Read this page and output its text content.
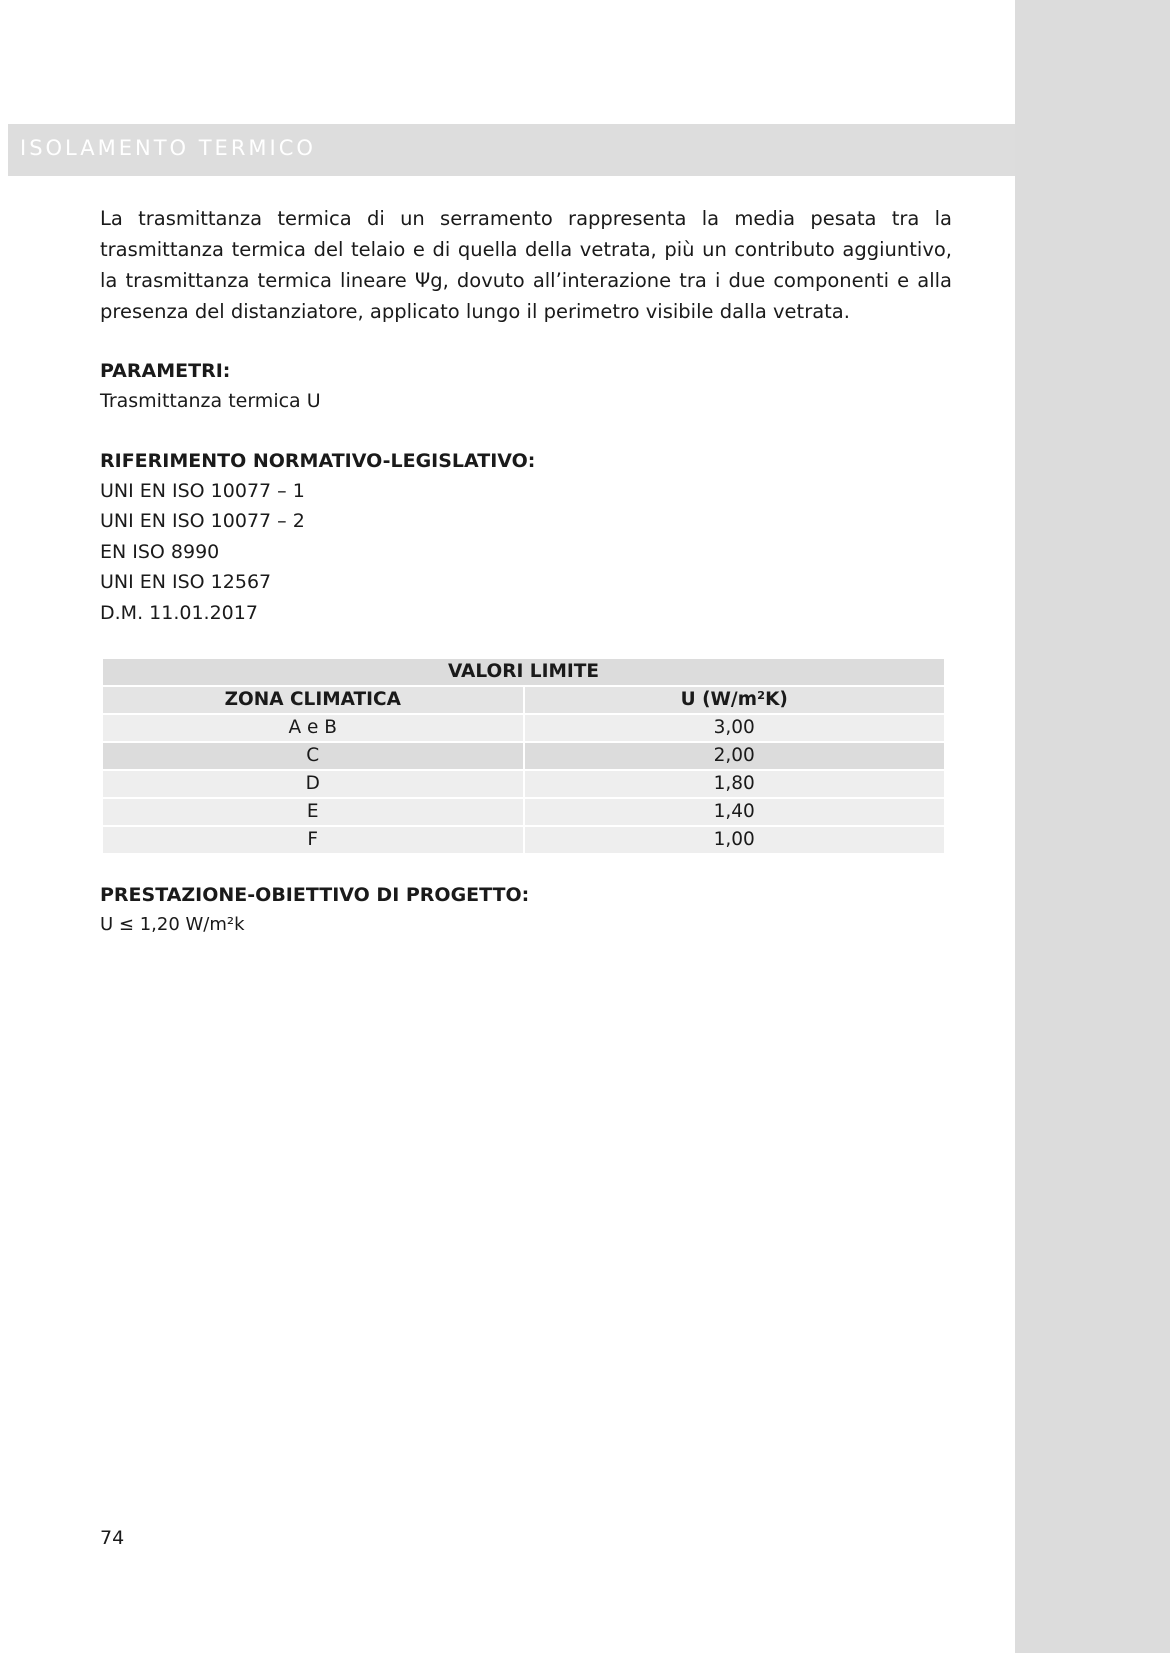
ISOLAMENTO TERMICO

La trasmittanza termica di un serramento rappresenta la media pesata tra la trasmittanza termica del telaio e di quella della vetrata, più un contributo aggiuntivo, la trasmittanza termica lineare Ψg, dovuto all’interazione tra i due componenti e alla presenza del distanziatore, applicato lungo il perimetro visibile dalla vetrata.

PARAMETRI:

Trasmittanza termica U

RIFERIMENTO NORMATIVO-LEGISLATIVO:

UNI EN ISO 10077 – 1

UNI EN ISO 10077 – 2

EN ISO 8990

UNI EN ISO 12567

D.M. 11.01.2017

VALORI LIMITE	
ZONA CLIMATICA	U (W/m²K)
A e B	3,00
C	2,00
D	1,80
E	1,40
F	1,00

PRESTAZIONE-OBIETTIVO DI PROGETTO:

U ≤ 1,20 W/m²k

74
